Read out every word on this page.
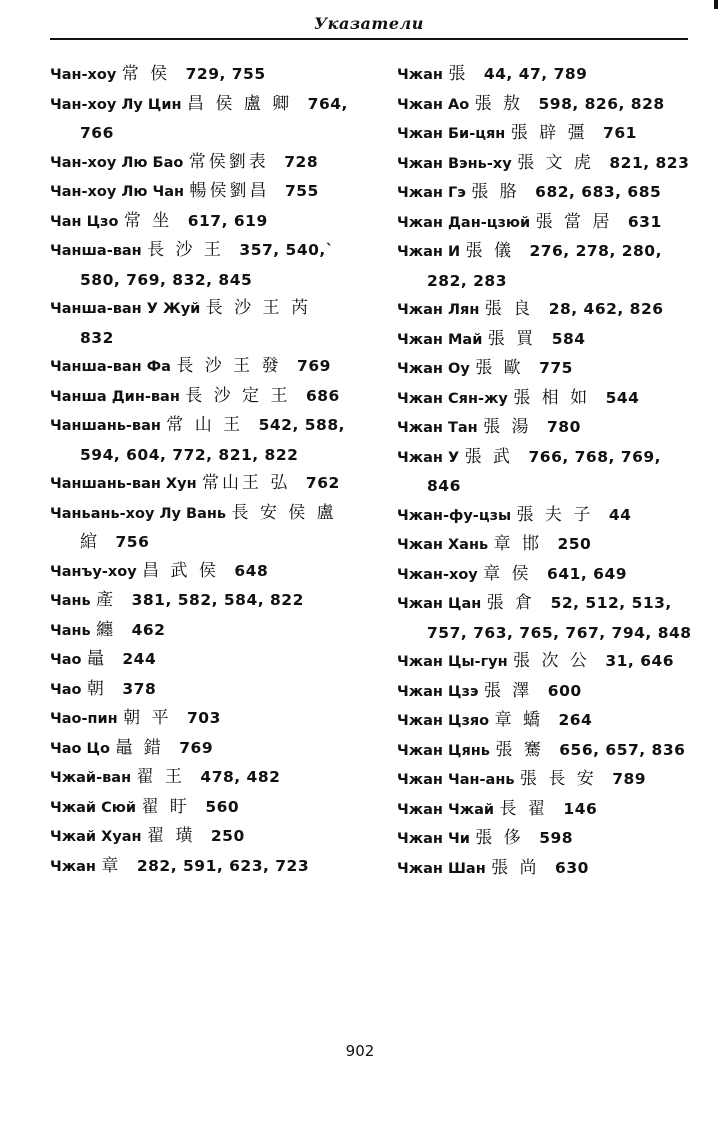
Указатели

Чан-хоу 常 侯  729, 755

Чан-хоу Лу Цин 昌 侯 盧 卿  764, 766

Чан-хоу Лю Бао 常侯劉表  728

Чан-хоу Лю Чан 暢侯劉昌  755

Чан Цзо 常 坐  617, 619

Чанша-ван 長 沙 王  357, 540,` 580, 769, 832, 845

Чанша-ван У Жуй 長 沙 王 芮 832

Чанша-ван Фа 長 沙 王 發  769

Чанша Дин-ван 長 沙 定 王  686

Чаншань-ван 常 山 王  542, 588, 594, 604, 772, 821, 822

Чаншань-ван Хун 常山王 弘  762

Чаньань-хоу Лу Вань 長 安 侯 盧 綰  756

Чанъу-хоу 昌 武 侯  648

Чань 產  381, 582, 584, 822

Чань 纏  462

Чао 鼂  244

Чао 朝  378

Чао-пин 朝 平  703

Чао Цо 鼂 錯  769

Чжай-ван 翟 王  478, 482

Чжай Сюй 翟 盱  560

Чжай Хуан 翟 璜  250

Чжан 章  282, 591, 623, 723

Чжан 張  44, 47, 789

Чжан Ао 張 敖  598, 826, 828

Чжан Би-цян 張 辟 彊  761

Чжан Вэнь-ху 張 文 虎  821, 823

Чжан Гэ 張 胳  682, 683, 685

Чжан Дан-цзюй 張 當 居  631

Чжан И 張 儀  276, 278, 280, 282, 283

Чжан Лян 張 良  28, 462, 826

Чжан Май 張 買  584

Чжан Оу 張 歐  775

Чжан Сян-жу 張 相 如  544

Чжан Тан 張 湯  780

Чжан У 張 武  766, 768, 769, 846

Чжан-фу-цзы 張 夫 子  44

Чжан Хань 章 邯  250

Чжан-хоу 章 侯  641, 649

Чжан Цан 張 倉  52, 512, 513, 757, 763, 765, 767, 794, 848

Чжан Цы-гун 張 次 公  31, 646

Чжан Цзэ 張 澤  600

Чжан Цзяо 章 蟜  264

Чжан Цянь 張 騫  656, 657, 836

Чжан Чан-ань 張 長 安  789

Чжан Чжай 長 翟  146

Чжан Чи 張 侈  598

Чжан Шан 張 尚  630

902
